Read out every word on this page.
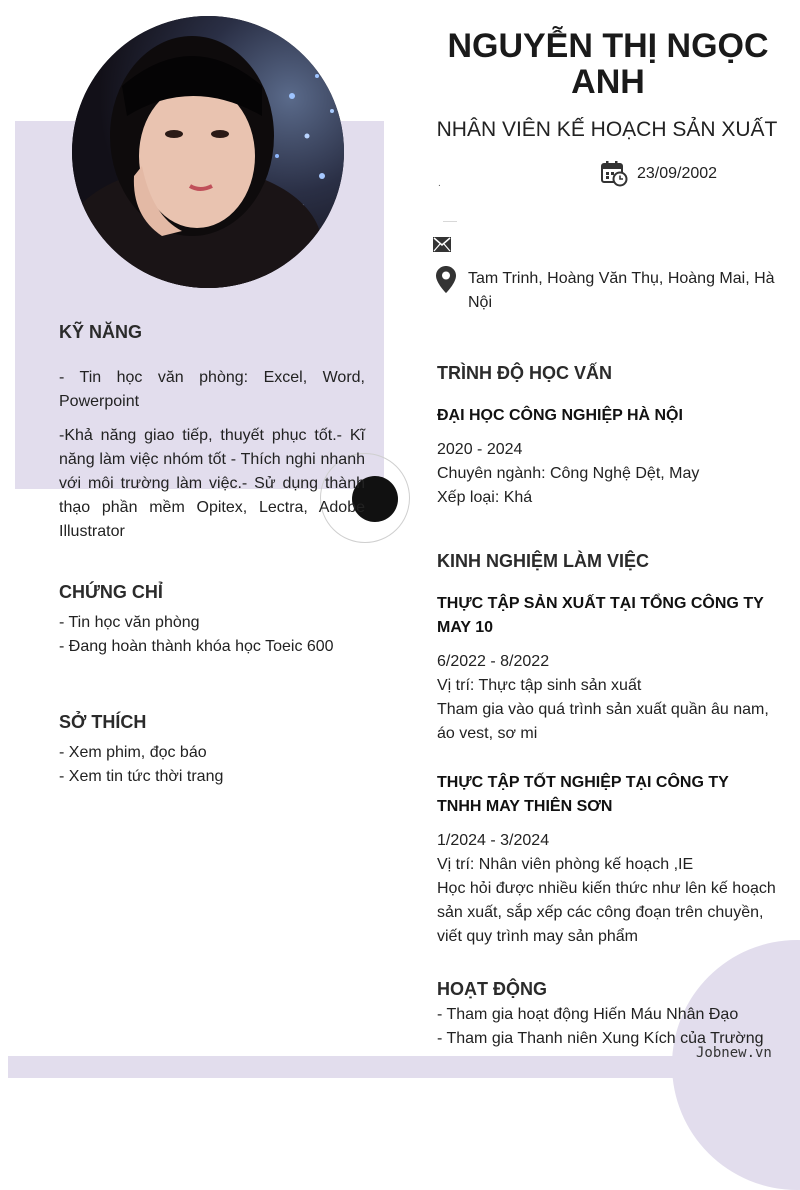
NGUYỄN THỊ NGỌC ANH
NHÂN VIÊN KẾ HOẠCH SẢN XUẤT
.
23/09/2002
Tam Trinh, Hoàng Văn Thụ, Hoàng Mai, Hà Nội
KỸ NĂNG
- Tin học văn phòng: Excel, Word, Powerpoint
-Khả năng giao tiếp, thuyết phục tốt.- Kĩ năng làm việc nhóm tốt - Thích nghi nhanh với môi trường làm việc.- Sử dụng thành thạo phần mềm Opitex, Lectra, Adobe Illustrator
CHỨNG CHỈ
- Tin học văn phòng
- Đang hoàn thành khóa học Toeic 600
SỞ THÍCH
- Xem phim, đọc báo
- Xem tin tức thời trang
TRÌNH ĐỘ HỌC VẤN
ĐẠI HỌC CÔNG NGHIỆP HÀ NỘI
2020 - 2024
Chuyên ngành: Công Nghệ Dệt, May
Xếp loại: Khá
KINH NGHIỆM LÀM VIỆC
THỰC TẬP SẢN XUẤT TẠI TỔNG CÔNG TY MAY 10
6/2022 - 8/2022
Vị trí: Thực tập sinh sản xuất
Tham gia vào quá trình sản xuất quần âu nam, áo vest, sơ mi
THỰC TẬP TỐT NGHIỆP TẠI CÔNG TY TNHH MAY THIÊN SƠN
1/2024 - 3/2024
Vị trí: Nhân viên phòng kế hoạch ,IE
Học hỏi được nhiều kiến thức như lên kế hoạch sản xuất, sắp xếp các công đoạn trên chuyền, viết quy trình may sản phẩm
HOẠT ĐỘNG
- Tham gia hoạt động Hiến Máu Nhân Đạo
- Tham gia Thanh niên Xung Kích của Trường
Jobnew.vn
